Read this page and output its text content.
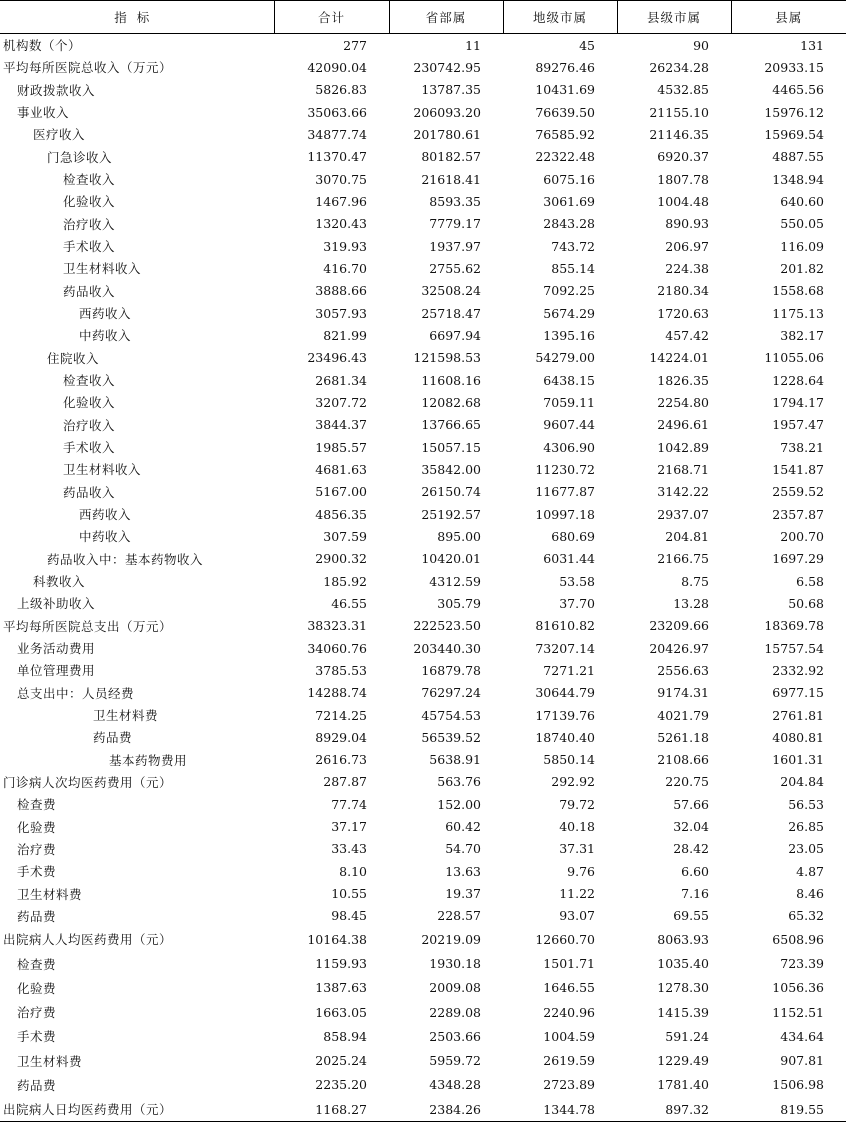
指标	合计	省部属	地级市属	县级市属	县属
机构数（个）	277	11	45	90	131
平均每所医院总收入（万元）	42090.04	230742.95	89276.46	26234.28	20933.15
财政拨款收入	5826.83	13787.35	10431.69	4532.85	4465.56
事业收入	35063.66	206093.20	76639.50	21155.10	15976.12
医疗收入	34877.74	201780.61	76585.92	21146.35	15969.54
门急诊收入	11370.47	80182.57	22322.48	6920.37	4887.55
检查收入	3070.75	21618.41	6075.16	1807.78	1348.94
化验收入	1467.96	8593.35	3061.69	1004.48	640.60
治疗收入	1320.43	7779.17	2843.28	890.93	550.05
手术收入	319.93	1937.97	743.72	206.97	116.09
卫生材料收入	416.70	2755.62	855.14	224.38	201.82
药品收入	3888.66	32508.24	7092.25	2180.34	1558.68
西药收入	3057.93	25718.47	5674.29	1720.63	1175.13
中药收入	821.99	6697.94	1395.16	457.42	382.17
住院收入	23496.43	121598.53	54279.00	14224.01	11055.06
检查收入	2681.34	11608.16	6438.15	1826.35	1228.64
化验收入	3207.72	12082.68	7059.11	2254.80	1794.17
治疗收入	3844.37	13766.65	9607.44	2496.61	1957.47
手术收入	1985.57	15057.15	4306.90	1042.89	738.21
卫生材料收入	4681.63	35842.00	11230.72	2168.71	1541.87
药品收入	5167.00	26150.74	11677.87	3142.22	2559.52
西药收入	4856.35	25192.57	10997.18	2937.07	2357.87
中药收入	307.59	895.00	680.69	204.81	200.70
药品收入中：基本药物收入	2900.32	10420.01	6031.44	2166.75	1697.29
科教收入	185.92	4312.59	53.58	8.75	6.58
上级补助收入	46.55	305.79	37.70	13.28	50.68
平均每所医院总支出（万元）	38323.31	222523.50	81610.82	23209.66	18369.78
业务活动费用	34060.76	203440.30	73207.14	20426.97	15757.54
单位管理费用	3785.53	16879.78	7271.21	2556.63	2332.92
总支出中：人员经费	14288.74	76297.24	30644.79	9174.31	6977.15
卫生材料费	7214.25	45754.53	17139.76	4021.79	2761.81
药品费	8929.04	56539.52	18740.40	5261.18	4080.81
基本药物费用	2616.73	5638.91	5850.14	2108.66	1601.31
门诊病人次均医药费用（元）	287.87	563.76	292.92	220.75	204.84
检查费	77.74	152.00	79.72	57.66	56.53
化验费	37.17	60.42	40.18	32.04	26.85
治疗费	33.43	54.70	37.31	28.42	23.05
手术费	8.10	13.63	9.76	6.60	4.87
卫生材料费	10.55	19.37	11.22	7.16	8.46
药品费	98.45	228.57	93.07	69.55	65.32
出院病人人均医药费用（元）	10164.38	20219.09	12660.70	8063.93	6508.96
检查费	1159.93	1930.18	1501.71	1035.40	723.39
化验费	1387.63	2009.08	1646.55	1278.30	1056.36
治疗费	1663.05	2289.08	2240.96	1415.39	1152.51
手术费	858.94	2503.66	1004.59	591.24	434.64
卫生材料费	2025.24	5959.72	2619.59	1229.49	907.81
药品费	2235.20	4348.28	2723.89	1781.40	1506.98
出院病人日均医药费用（元）	1168.27	2384.26	1344.78	897.32	819.55
